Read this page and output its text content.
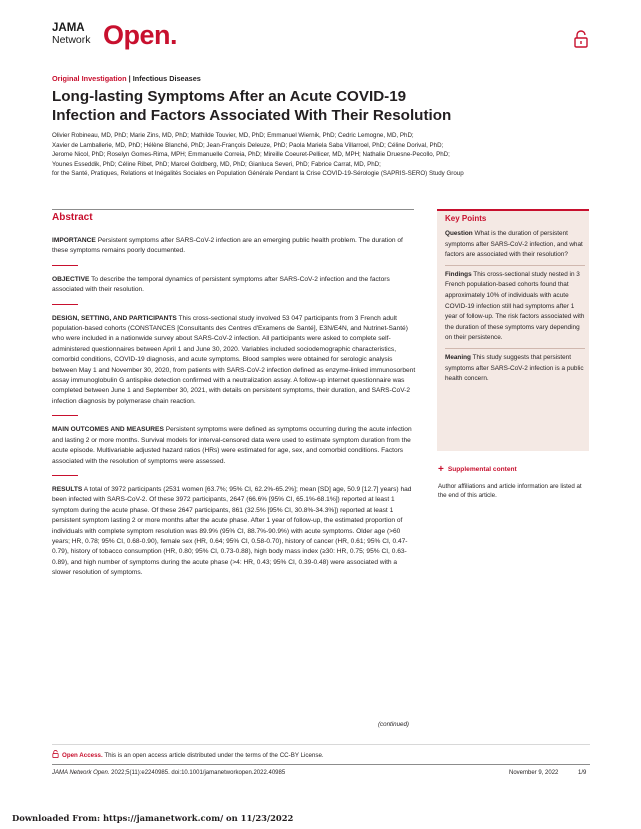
JAMA
Network Open.
Original Investigation | Infectious Diseases
Long-lasting Symptoms After an Acute COVID-19 Infection and Factors Associated With Their Resolution
Olivier Robineau, MD, PhD; Marie Zins, MD, PhD; Mathilde Touvier, MD, PhD; Emmanuel Wiernik, PhD; Cedric Lemogne, MD, PhD;
Xavier de Lamballerie, MD, PhD; Hélène Blanché, PhD; Jean-François Deleuze, PhD; Paola Mariela Saba Villarroel, PhD; Céline Dorival, PhD;
Jerome Nicol, PhD; Roselyn Gomes-Rima, MPH; Emmanuelle Correia, PhD; Mireille Coeuret-Pellicer, MD, MPH; Nathalie Druesne-Pecollo, PhD;
Younes Esseddik, PhD; Céline Ribet, PhD; Marcel Goldberg, MD, PhD; Gianluca Severi, PhD; Fabrice Carrat, MD, PhD;
for the Santé, Pratiques, Relations et Inégalités Sociales en Population Générale Pendant la Crise COVID-19-Sérologie (SAPRIS-SERO) Study Group
Abstract

IMPORTANCE Persistent symptoms after SARS-CoV-2 infection are an emerging public health problem. The duration of these symptoms remains poorly documented.

OBJECTIVE To describe the temporal dynamics of persistent symptoms after SARS-CoV-2 infection and the factors associated with their resolution.

DESIGN, SETTING, AND PARTICIPANTS This cross-sectional study involved 53 047 participants from 3 French adult population-based cohorts (CONSTANCES [Consultants des Centres d'Examens de Santé], E3N/E4N, and Nutrinet-Santé) who were included in a nationwide survey about SARS-CoV-2 infection. All participants were asked to complete self-administered questionnaires between April 1 and June 30, 2020. Variables included sociodemographic characteristics, comorbid conditions, COVID-19 diagnosis, and acute symptoms. Blood samples were obtained for serologic analysis between May 1 and November 30, 2020, from patients with SARS-CoV-2 infection defined as enzyme-linked immunosorbent assay immunoglobulin G antispike detection confirmed with a neutralization assay. A follow-up internet questionnaire was completed between June 1 and September 30, 2021, with details on persistent symptoms, their duration, and SARS-CoV-2 infection diagnosis by polymerase chain reaction.

MAIN OUTCOMES AND MEASURES Persistent symptoms were defined as symptoms occurring during the acute infection and lasting 2 or more months. Survival models for interval-censored data were used to estimate symptom duration from the acute episode. Multivariable adjusted hazard ratios (HRs) were estimated for age, sex, and comorbid conditions. Factors associated with the resolution of symptoms were assessed.

RESULTS A total of 3972 participants (2531 women [63.7%; 95% CI, 62.2%-65.2%]; mean [SD] age, 50.9 [12.7] years) had been infected with SARS-CoV-2. Of these 3972 participants, 2647 (66.6% [95% CI, 65.1%-68.1%]) reported at least 1 symptom during the acute phase. Of these 2647 participants, 861 (32.5% [95% CI, 30.8%-34.3%]) reported at least 1 persistent symptom lasting 2 or more months after the acute phase. After 1 year of follow-up, the estimated proportion of individuals with complete symptom resolution was 89.9% (95% CI, 88.7%-90.9%) with acute symptoms. Older age (>60 years; HR, 0.78; 95% CI, 0.68-0.90), female sex (HR, 0.64; 95% CI, 0.58-0.70), history of cancer (HR, 0.61; 95% CI, 0.47-0.79), history of tobacco consumption (HR, 0.80; 95% CI, 0.73-0.88), high body mass index (≥30: HR, 0.75; 95% CI, 0.63-0.89), and high number of symptoms during the acute phase (>4: HR, 0.43; 95% CI, 0.39-0.48) were associated with a slower resolution of symptoms.

(continued)
Key Points

Question What is the duration of persistent symptoms after SARS-CoV-2 infection, and what factors are associated with their resolution?

Findings This cross-sectional study nested in 3 French population-based cohorts found that approximately 10% of individuals with acute COVID-19 infection still had symptoms after 1 year of follow-up. The risk factors associated with the duration of these symptoms vary depending on their persistence.

Meaning This study suggests that persistent symptoms after SARS-CoV-2 infection is a public health concern.

+ Supplemental content
Author affiliations and article information are listed at the end of this article.
Open Access. This is an open access article distributed under the terms of the CC-BY License.
JAMA Network Open. 2022;5(11):e2240985. doi:10.1001/jamanetworkopen.2022.40985	November 9, 2022	1/9
Downloaded From: https://jamanetwork.com/ on 11/23/2022
